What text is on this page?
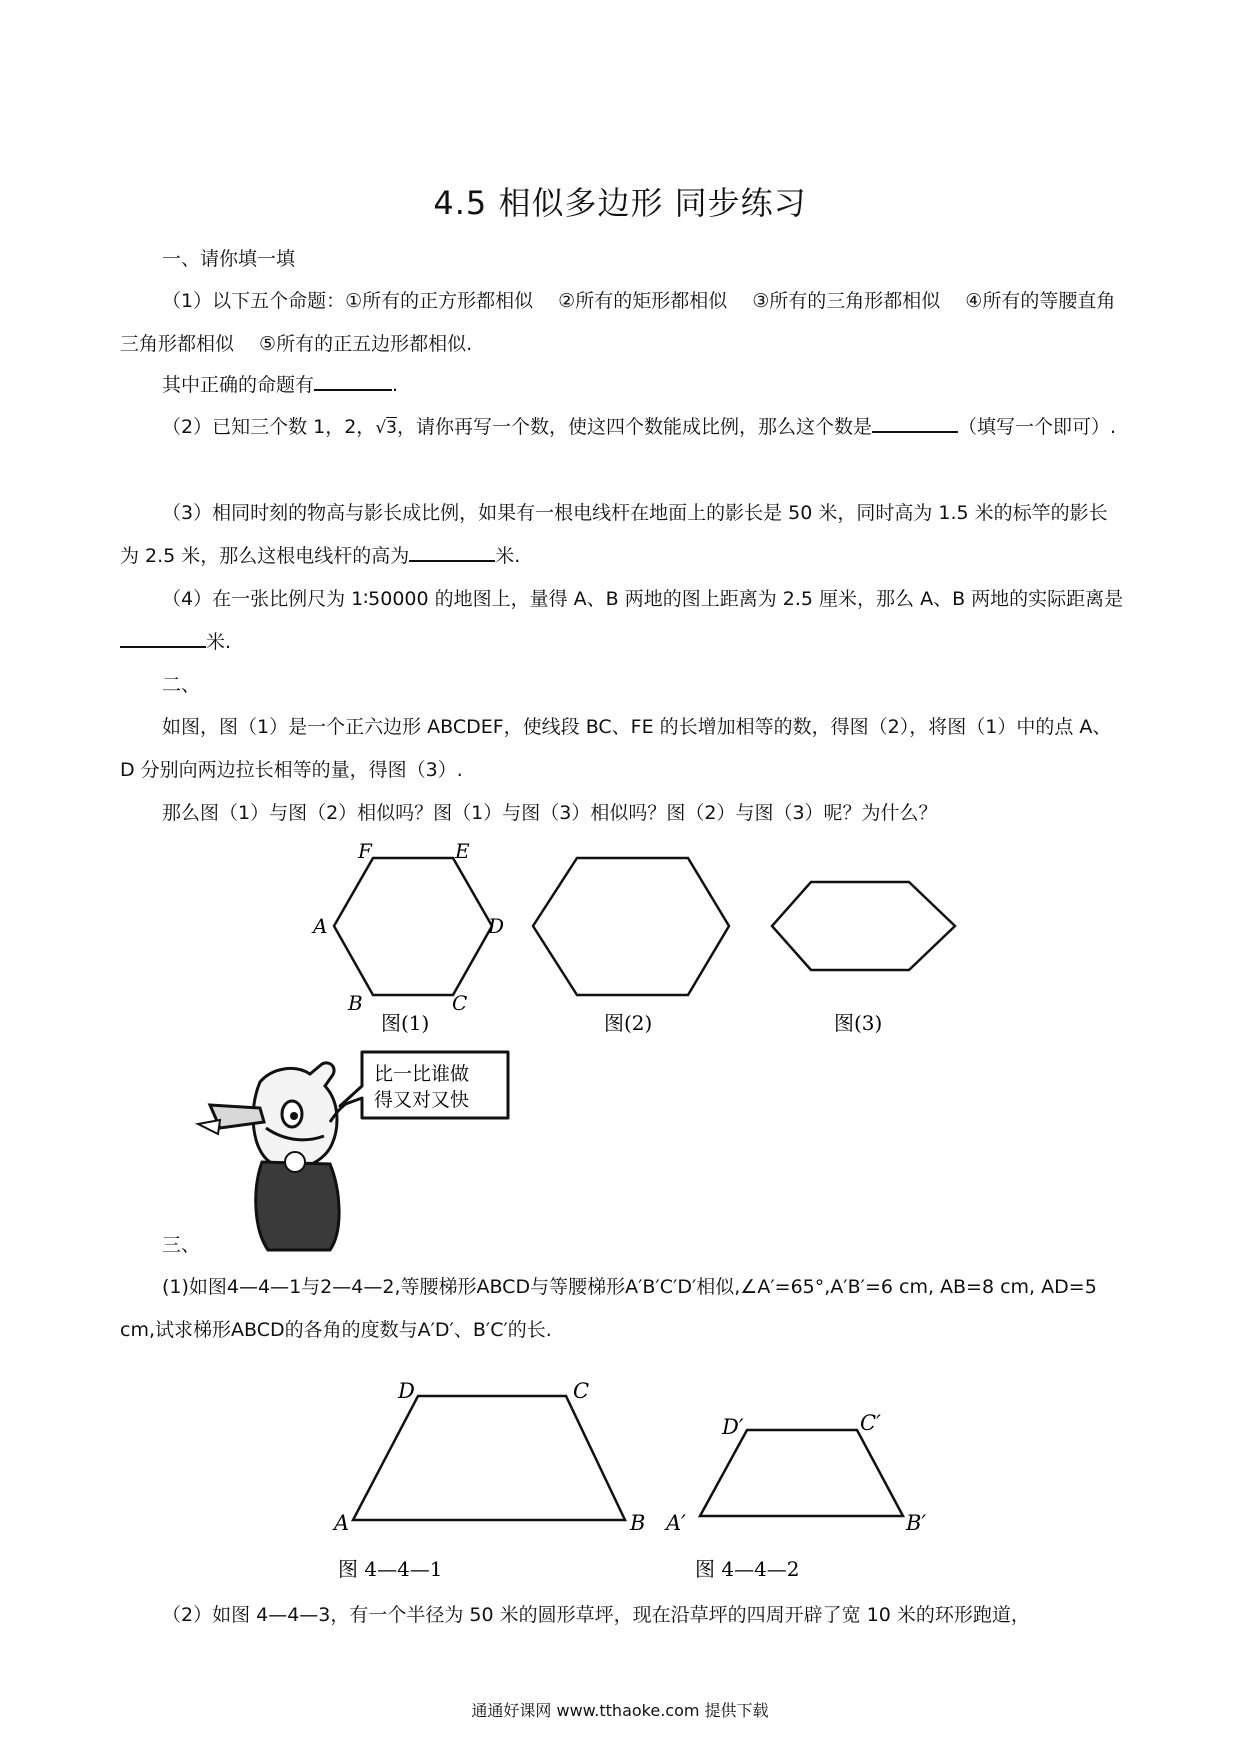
4.5 相似多边形 同步练习

一、请你填一填

（1）以下五个命题：①所有的正方形都相似　 ②所有的矩形都相似　 ③所有的三角形都相似　 ④所有的等腰直角三角形都相似　 ⑤所有的正五边形都相似.

其中正确的命题有	.

（2）已知三个数 1，2，√3，请你再写一个数，使这四个数能成比例，那么这个数是	（填写一个即可）.

（3）相同时刻的物高与影长成比例，如果有一根电线杆在地面上的影长是 50 米，同时高为 1.5 米的标竿的影长为 2.5 米，那么这根电线杆的高为	米.

（4）在一张比例尺为 1∶50000 的地图上，量得 A、B 两地的图上距离为 2.5 厘米，那么 A、B 两地的实际距离是米.

二、

如图，图（1）是一个正六边形 ABCDEF，使线段 BC、FE 的长增加相等的数，得图（2），将图（1）中的点 A、D 分别向两边拉长相等的量，得图（3）.

那么图（1）与图（2）相似吗？图（1）与图（3）相似吗？图（2）与图（3）呢？为什么？

F	E
A	D
B	C
图(1)	图(2)	图(3)
比一比谁做
得又对又快

三、

(1)如图4—4—1与2—4—2,等腰梯形ABCD与等腰梯形A′B′C′D′相似,∠A′=65°,A′B′=6 cm, AB=8 cm, AD=5 cm,试求梯形ABCD的各角的度数与A′D′、B′C′的长.

D	C
A	B
图 4—4—1
D′	C′
A′	B′
图 4—4—2

（2）如图 4—4—3，有一个半径为 50 米的圆形草坪，现在沿草坪的四周开辟了宽 10 米的环形跑道，

通通好课网 www.tthaoke.com 提供下载
